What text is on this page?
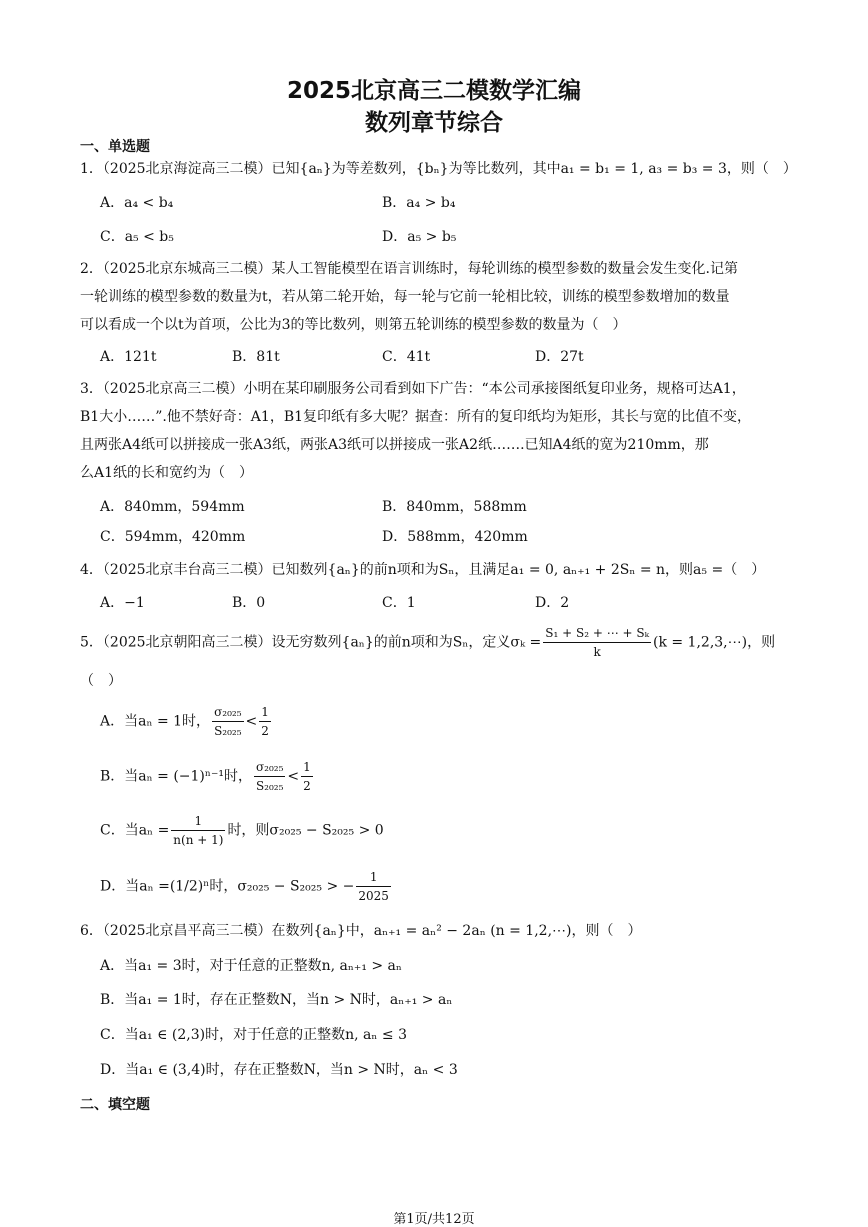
2025北京高三二模数学汇编
数列章节综合
一、单选题
1．（2025北京海淀高三二模）已知{aₙ}为等差数列，{bₙ}为等比数列，其中a₁ = b₁ = 1, a₃ = b₃ = 3，则（　）
A．a₄ < b₄	B．a₄ > b₄
C．a₅ < b₅	D．a₅ > b₅
2．（2025北京东城高三二模）某人工智能模型在语言训练时，每轮训练的模型参数的数量会发生变化.记第
一轮训练的模型参数的数量为t，若从第二轮开始，每一轮与它前一轮相比较，训练的模型参数增加的数量
可以看成一个以t为首项，公比为3的等比数列，则第五轮训练的模型参数的数量为（　）
A．121t	B．81t	C．41t	D．27t
3．（2025北京高三二模）小明在某印刷服务公司看到如下广告：“本公司承接图纸复印业务，规格可达A1，
B1大小……”.他不禁好奇：A1，B1复印纸有多大呢？据查：所有的复印纸均为矩形，其长与宽的比值不变，
且两张A4纸可以拼接成一张A3纸，两张A3纸可以拼接成一张A2纸…….已知A4纸的宽为210mm，那
么A1纸的长和宽约为（　）
A．840mm，594mm	B．840mm，588mm
C．594mm，420mm	D．588mm，420mm
4．（2025北京丰台高三二模）已知数列{aₙ}的前n项和为Sₙ，且满足a₁ = 0, aₙ₊₁ + 2Sₙ = n，则a₅ =（　）
A．−1	B．0	C．1	D．2
5．（2025北京朝阳高三二模）设无穷数列{aₙ}的前n项和为Sₙ，定义$\sigma_k = \frac{\text{S₁ + S₂ + ⋯ + Sₖ}}{k} (k$ = 1,2,3,⋯)，则
（　）
A．当aₙ = 1时， $\frac{\text{σ₂₀₂₅}}{\text{S₂₀₂₅}} < \frac{1}{2}$
B．当aₙ = (−1)ⁿ⁻¹时， $\frac{\text{σ₂₀₂₅}}{\text{S₂₀₂₅}} < \frac{1}{2}$
C．当$a_n = \frac{1}{n(n + 1)}$ 时，则σ₂₀₂₅ − S₂₀₂₅ > 0
D．当aₙ =(1/2)ⁿ时，σ₂₀₂₅ − S₂₀₂₅ > − $\frac{1}{2025}$
6．（2025北京昌平高三二模）在数列{aₙ}中，aₙ₊₁ = aₙ² − 2aₙ (n = 1,2,⋯)，则（　）
A．当a₁ = 3时，对于任意的正整数n, aₙ₊₁ > aₙ
B．当a₁ = 1时，存在正整数N，当n > N时，aₙ₊₁ > aₙ
C．当a₁ ∈ (2,3)时，对于任意的正整数n, aₙ ≤ 3
D．当a₁ ∈ (3,4)时，存在正整数N，当n > N时，aₙ < 3
二、填空题
第1页/共12页
